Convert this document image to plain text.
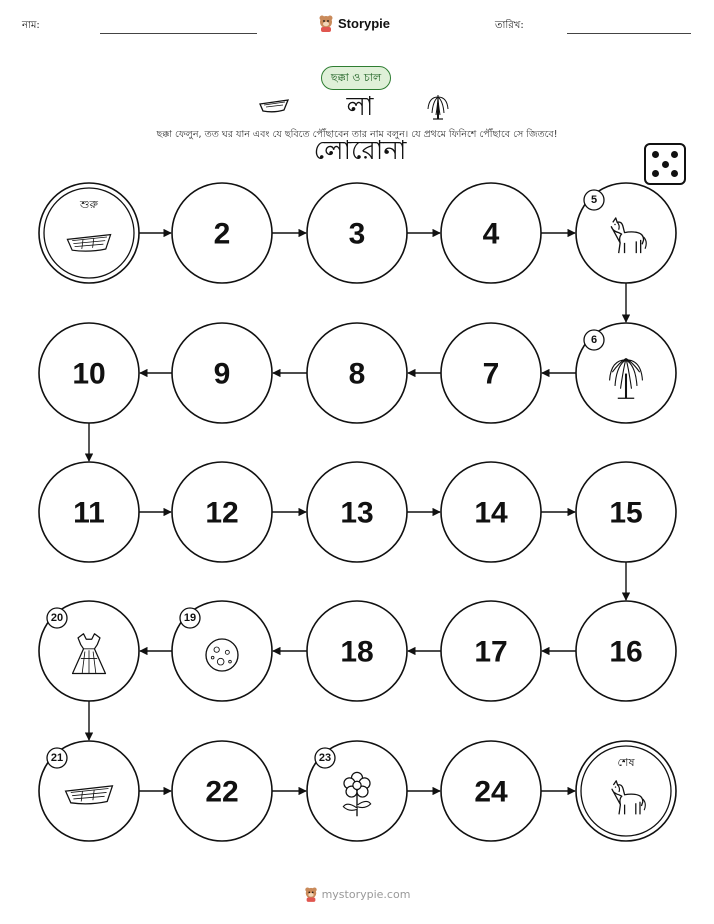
নাম:	Storypie	তারিখ:
ছক্কা ও চাল
লা লোরোনা
ছক্কা ফেলুন, তত ঘর যান এবং যে ছবিতে পৌঁছাবেন তার নাম বলুন। যে প্রথমে ফিনিশে পৌঁছাবে সে জিতবে!
শুরু
2	3	4
5
6
7
8
9
10
11	12	13	14	15
16
17
18
19
20
21
22
23
24
শেষ
mystorypie.com
